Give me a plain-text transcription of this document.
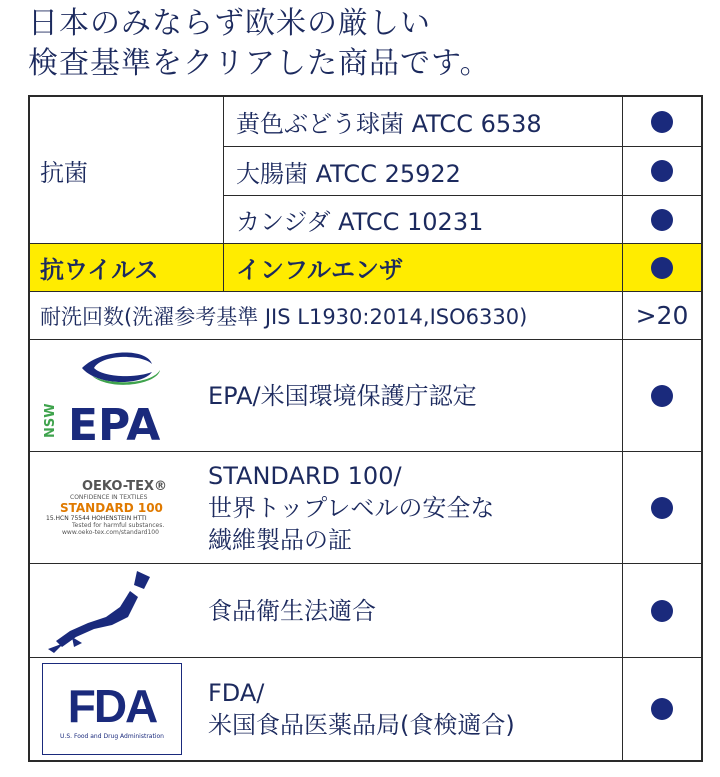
日本のみならず欧米の厳しい
検査基準をクリアした商品です。
抗菌
黄色ぶどう球菌 ATCC 6538
大腸菌 ATCC 25922
カンジダ ATCC 10231
抗ウイルス	インフルエンザ
耐洗回数(洗濯参考基準 JIS L1930:2014,ISO6330)	>20
NSW EPA
EPA/米国環境保護庁認定
OEKO-TEX®
CONFIDENCE IN TEXTILES
STANDARD 100
15.HCN 75544 HOHENSTEIN HTTI
Tested for harmful substances.
www.oeko-tex.com/standard100
STANDARD 100/
世界トップレベルの安全な
繊維製品の証
食品衛生法適合
FDA
U.S. Food and Drug Administration
FDA/
米国食品医薬品局(食検適合)
